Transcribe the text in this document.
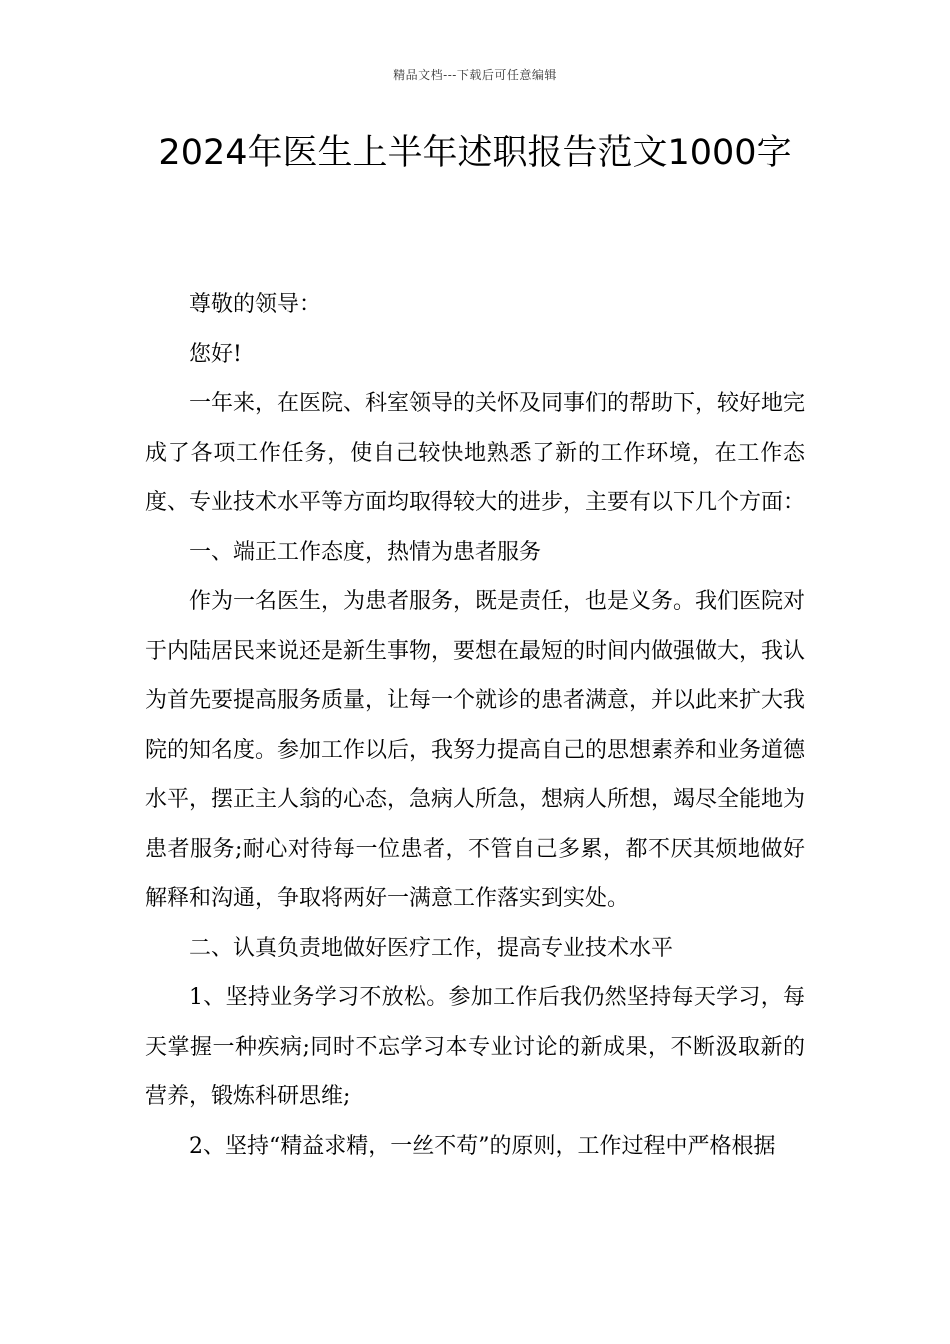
精品文档---下载后可任意编辑
2024年医生上半年述职报告范文1000字

尊敬的领导：

您好!

一年来，在医院、科室领导的关怀及同事们的帮助下，较好地完成了各项工作任务，使自己较快地熟悉了新的工作环境，在工作态度、专业技术水平等方面均取得较大的进步，主要有以下几个方面：

一、端正工作态度，热情为患者服务

作为一名医生，为患者服务，既是责任，也是义务。我们医院对于内陆居民来说还是新生事物，要想在最短的时间内做强做大，我认为首先要提高服务质量，让每一个就诊的患者满意，并以此来扩大我院的知名度。参加工作以后，我努力提高自己的思想素养和业务道德水平，摆正主人翁的心态，急病人所急，想病人所想，竭尽全能地为患者服务;耐心对待每一位患者，不管自己多累，都不厌其烦地做好解释和沟通，争取将两好一满意工作落实到实处。

二、认真负责地做好医疗工作，提高专业技术水平

1、坚持业务学习不放松。参加工作后我仍然坚持每天学习，每天掌握一种疾病;同时不忘学习本专业讨论的新成果，不断汲取新的营养，锻炼科研思维;

2、坚持“精益求精，一丝不苟”的原则，工作过程中严格根据
